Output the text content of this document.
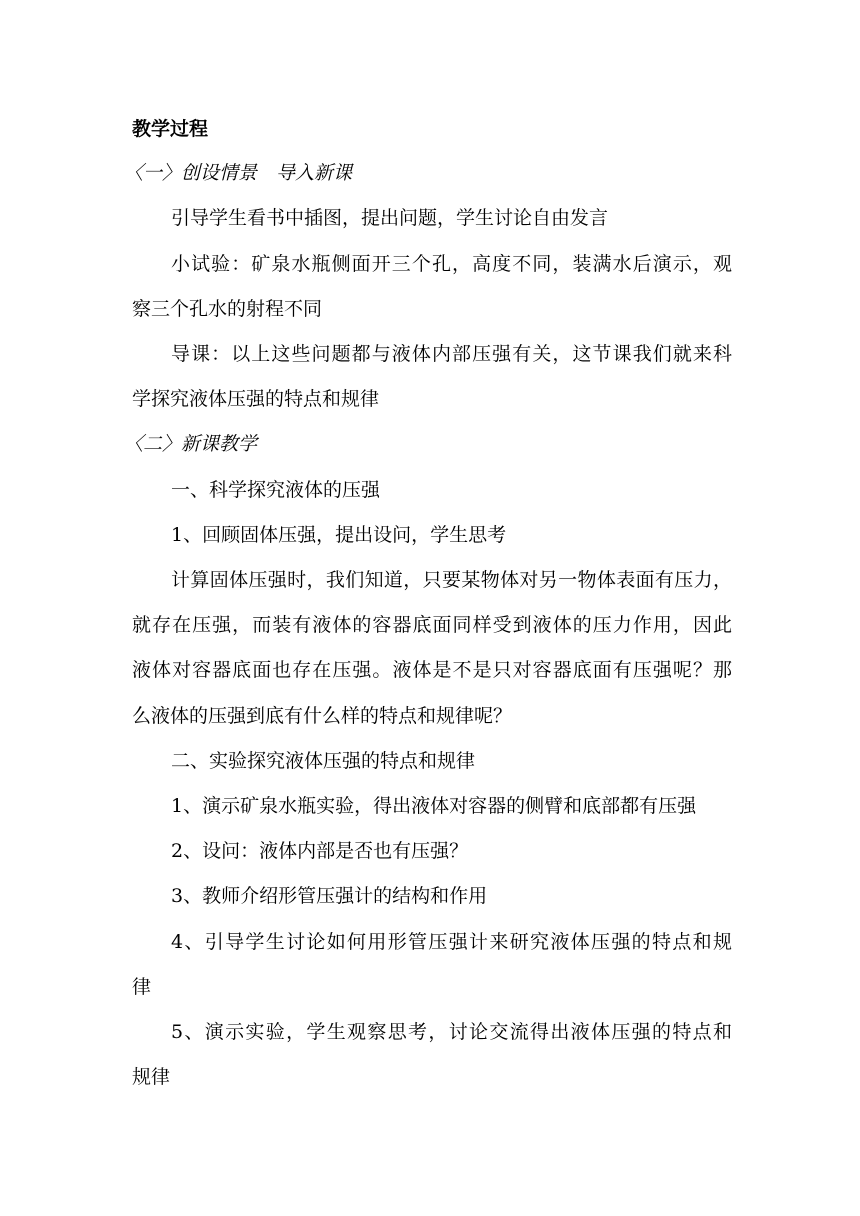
教学过程
〈一〉创设情景　导入新课
引导学生看书中插图，提出问题，学生讨论自由发言
小试验：矿泉水瓶侧面开三个孔，高度不同，装满水后演示，观
察三个孔水的射程不同
导课：以上这些问题都与液体内部压强有关，这节课我们就来科
学探究液体压强的特点和规律
〈二〉新课教学
一、科学探究液体的压强
1、回顾固体压强，提出设问，学生思考
计算固体压强时，我们知道，只要某物体对另一物体表面有压力，
就存在压强，而装有液体的容器底面同样受到液体的压力作用，因此
液体对容器底面也存在压强。液体是不是只对容器底面有压强呢？那
么液体的压强到底有什么样的特点和规律呢？
二、实验探究液体压强的特点和规律
1、演示矿泉水瓶实验，得出液体对容器的侧臂和底部都有压强
2、设问：液体内部是否也有压强？
3、教师介绍形管压强计的结构和作用
4、引导学生讨论如何用形管压强计来研究液体压强的特点和规
律
5、演示实验，学生观察思考，讨论交流得出液体压强的特点和
规律
